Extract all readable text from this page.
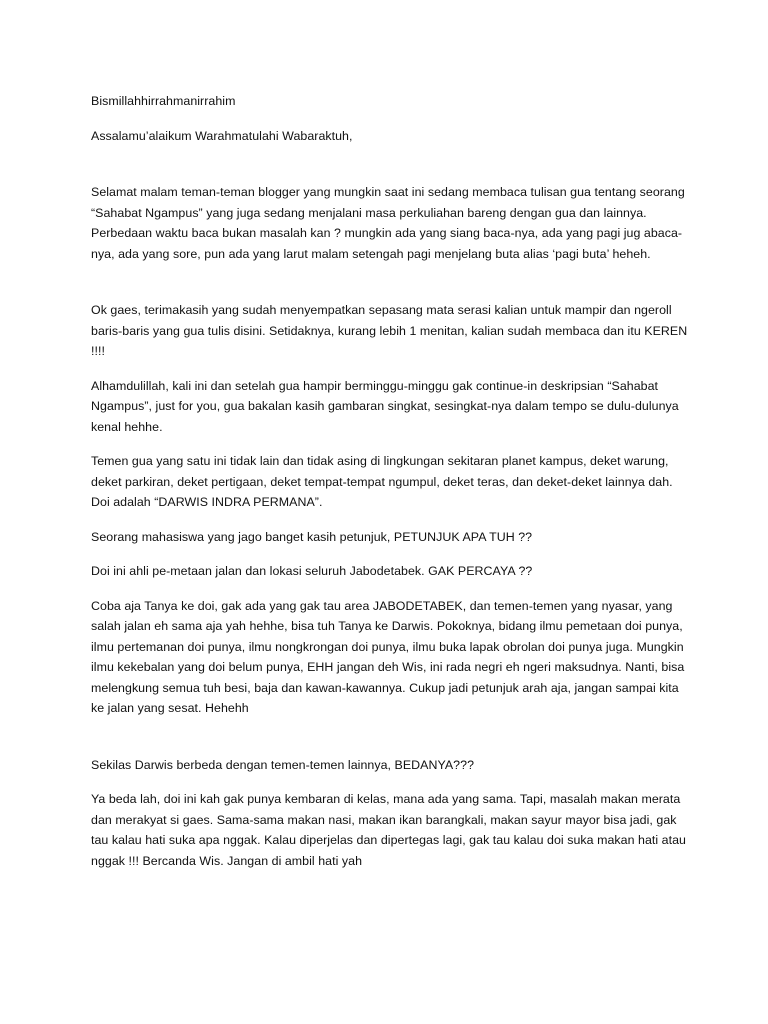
Bismillahhirrahmanirrahim

Assalamu’alaikum Warahmatulahi Wabaraktuh,

Selamat malam teman-teman blogger yang mungkin saat ini sedang membaca tulisan gua tentang seorang “Sahabat Ngampus” yang juga sedang menjalani masa perkuliahan bareng dengan gua dan lainnya. Perbedaan waktu baca bukan masalah kan ? mungkin ada yang siang baca-nya, ada yang pagi jug abaca-nya, ada yang sore, pun ada yang larut malam setengah pagi menjelang buta alias ‘pagi buta’ heheh.

Ok gaes, terimakasih yang sudah menyempatkan sepasang mata serasi kalian untuk mampir dan ngeroll baris-baris yang gua tulis disini. Setidaknya, kurang lebih 1 menitan, kalian sudah membaca dan itu KEREN !!!!

Alhamdulillah, kali ini dan setelah gua hampir berminggu-minggu gak continue-in deskripsian “Sahabat Ngampus”, just for you, gua bakalan kasih gambaran singkat, sesingkat-nya dalam tempo se dulu-dulunya kenal hehhe.

Temen gua yang satu ini tidak lain dan tidak asing di lingkungan sekitaran planet kampus, deket warung, deket parkiran, deket pertigaan, deket tempat-tempat ngumpul, deket teras, dan deket-deket lainnya dah. Doi adalah “DARWIS INDRA PERMANA”.

Seorang mahasiswa yang jago banget kasih petunjuk, PETUNJUK APA TUH ??

Doi ini ahli pe-metaan jalan dan lokasi seluruh Jabodetabek. GAK PERCAYA ??

Coba aja Tanya ke doi, gak ada yang gak tau area JABODETABEK, dan temen-temen yang nyasar, yang salah jalan eh sama aja yah hehhe, bisa tuh Tanya ke Darwis. Pokoknya, bidang ilmu pemetaan doi punya, ilmu pertemanan doi punya, ilmu nongkrongan doi punya, ilmu buka lapak obrolan doi punya juga. Mungkin ilmu kekebalan yang doi belum punya, EHH jangan deh Wis, ini rada negri eh ngeri maksudnya. Nanti, bisa melengkung semua tuh besi, baja dan kawan-kawannya. Cukup jadi petunjuk arah aja, jangan sampai kita ke jalan yang sesat. Hehehh

Sekilas Darwis berbeda dengan temen-temen lainnya, BEDANYA???

Ya beda lah, doi ini kah gak punya kembaran di kelas, mana ada yang sama. Tapi, masalah makan merata dan merakyat si gaes. Sama-sama makan nasi, makan ikan barangkali, makan sayur mayor bisa jadi, gak tau kalau hati suka apa nggak. Kalau diperjelas dan dipertegas lagi, gak tau kalau doi suka makan hati atau nggak !!! Bercanda Wis. Jangan di ambil hati yah
